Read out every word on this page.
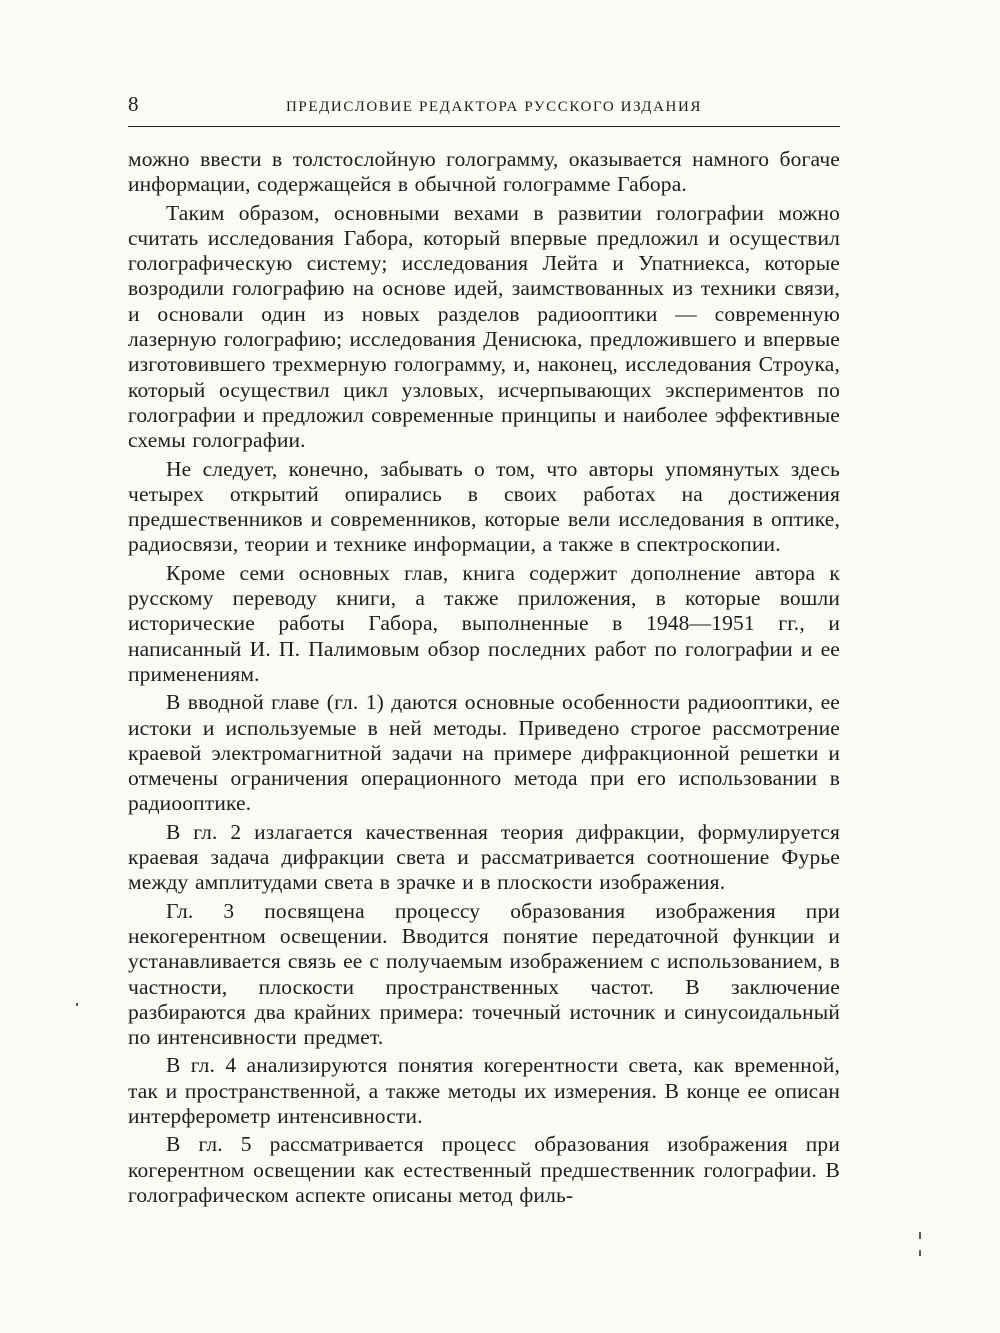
8	ПРЕДИСЛОВИЕ РЕДАКТОРА РУССКОГО ИЗДАНИЯ

можно ввести в толстослойную голограмму, оказывается намного богаче информации, содержащейся в обычной голограмме Габора.

Таким образом, основными вехами в развитии голографии можно считать исследования Габора, который впервые предложил и осуществил голографическую систему; исследования Лейта и Упатниекса, которые возродили голографию на основе идей, заимствованных из техники связи, и основали один из новых разделов радиооптики — современную лазерную голографию; исследования Денисюка, предложившего и впервые изготовившего трехмерную голограмму, и, наконец, исследования Строука, который осуществил цикл узловых, исчерпывающих экспериментов по голографии и предложил современные принципы и наиболее эффективные схемы голографии.

Не следует, конечно, забывать о том, что авторы упомянутых здесь четырех открытий опирались в своих работах на достижения предшественников и современников, которые вели исследования в оптике, радиосвязи, теории и технике информации, а также в спектроскопии.

Кроме семи основных глав, книга содержит дополнение автора к русскому переводу книги, а также приложения, в которые вошли исторические работы Габора, выполненные в 1948—1951 гг., и написанный И. П. Палимовым обзор последних работ по голографии и ее применениям.

В вводной главе (гл. 1) даются основные особенности радиооптики, ее истоки и используемые в ней методы. Приведено строгое рассмотрение краевой электромагнитной задачи на примере дифракционной решетки и отмечены ограничения операционного метода при его использовании в радиооптике.

В гл. 2 излагается качественная теория дифракции, формулируется краевая задача дифракции света и рассматривается соотношение Фурье между амплитудами света в зрачке и в плоскости изображения.

Гл. 3 посвящена процессу образования изображения при некогерентном освещении. Вводится понятие передаточной функции и устанавливается связь ее с получаемым изображением с использованием, в частности, плоскости пространственных частот. В заключение разбираются два крайних примера: точечный источник и синусоидальный по интенсивности предмет.

В гл. 4 анализируются понятия когерентности света, как временной, так и пространственной, а также методы их измерения. В конце ее описан интерферометр интенсивности.

В гл. 5 рассматривается процесс образования изображения при когерентном освещении как естественный предшественник голографии. В голографическом аспекте описаны метод филь-
